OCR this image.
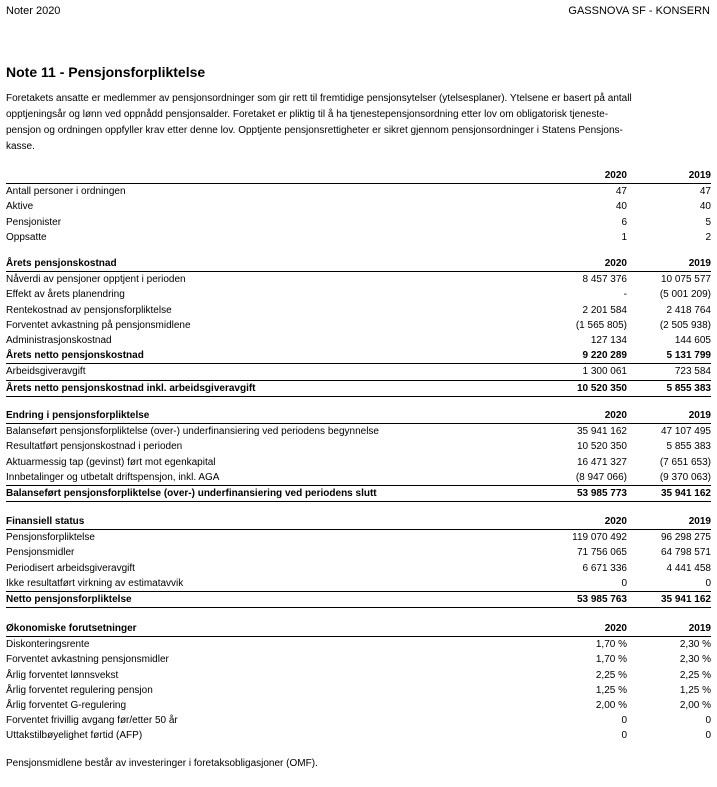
Noter 2020	GASSNOVA SF - KONSERN
Note 11 - Pensjonsforpliktelse
Foretakets ansatte er medlemmer av pensjonsordninger som gir rett til fremtidige pensjonsytelser (ytelsesplaner). Ytelsene er basert på antall
opptjeningsår og lønn ved oppnådd pensjonsalder. Foretaket er pliktig til å ha tjenestepensjonsordning etter lov om obligatorisk tjeneste-
pensjon og ordningen oppfyller krav etter denne lov. Opptjente pensjonsrettigheter er sikret gjennom pensjonsordninger i Statens Pensjons-
kasse.
2020	2019
Antall personer i ordningen	47	47
Aktive	40	40
Pensjonister	6	5
Oppsatte	1	2
Årets pensjonskostnad	2020	2019
Nåverdi av pensjoner opptjent i perioden	8 457 376	10 075 577
Effekt av årets planendring	-	(5 001 209)
Rentekostnad av pensjonsforpliktelse	2 201 584	2 418 764
Forventet avkastning på pensjonsmidlene	(1 565 805)	(2 505 938)
Administrasjonskostnad	127 134	144 605
Årets netto pensjonskostnad	9 220 289	5 131 799
Arbeidsgiveravgift	1 300 061	723 584
Årets netto pensjonskostnad inkl. arbeidsgiveravgift	10 520 350	5 855 383
Endring i pensjonsforpliktelse	2020	2019
Balanseført pensjonsforpliktelse (over-) underfinansiering ved periodens begynnelse	35 941 162	47 107 495
Resultatført pensjonskostnad i perioden	10 520 350	5 855 383
Aktuarmessig tap (gevinst) ført mot egenkapital	16 471 327	(7 651 653)
Innbetalinger og utbetalt driftspensjon, inkl. AGA	(8 947 066)	(9 370 063)
Balanseført pensjonsforpliktelse (over-) underfinansiering ved periodens slutt	53 985 773	35 941 162
Finansiell status	2020	2019
Pensjonsforpliktelse	119 070 492	96 298 275
Pensjonsmidler	71 756 065	64 798 571
Periodisert arbeidsgiveravgift	6 671 336	4 441 458
Ikke resultatført virkning av estimatavvik	0	0
Netto pensjonsforpliktelse	53 985 763	35 941 162
Økonomiske forutsetninger	2020	2019
Diskonteringsrente	1,70 %	2,30 %
Forventet avkastning pensjonsmidler	1,70 %	2,30 %
Årlig forventet lønnsvekst	2,25 %	2,25 %
Årlig forventet regulering pensjon	1,25 %	1,25 %
Årlig forventet G-regulering	2,00 %	2,00 %
Forventet frivillig avgang før/etter 50 år	0	0
Uttakstilbøyelighet førtid (AFP)	0	0
Pensjonsmidlene består av investeringer i foretaksobligasjoner (OMF).
